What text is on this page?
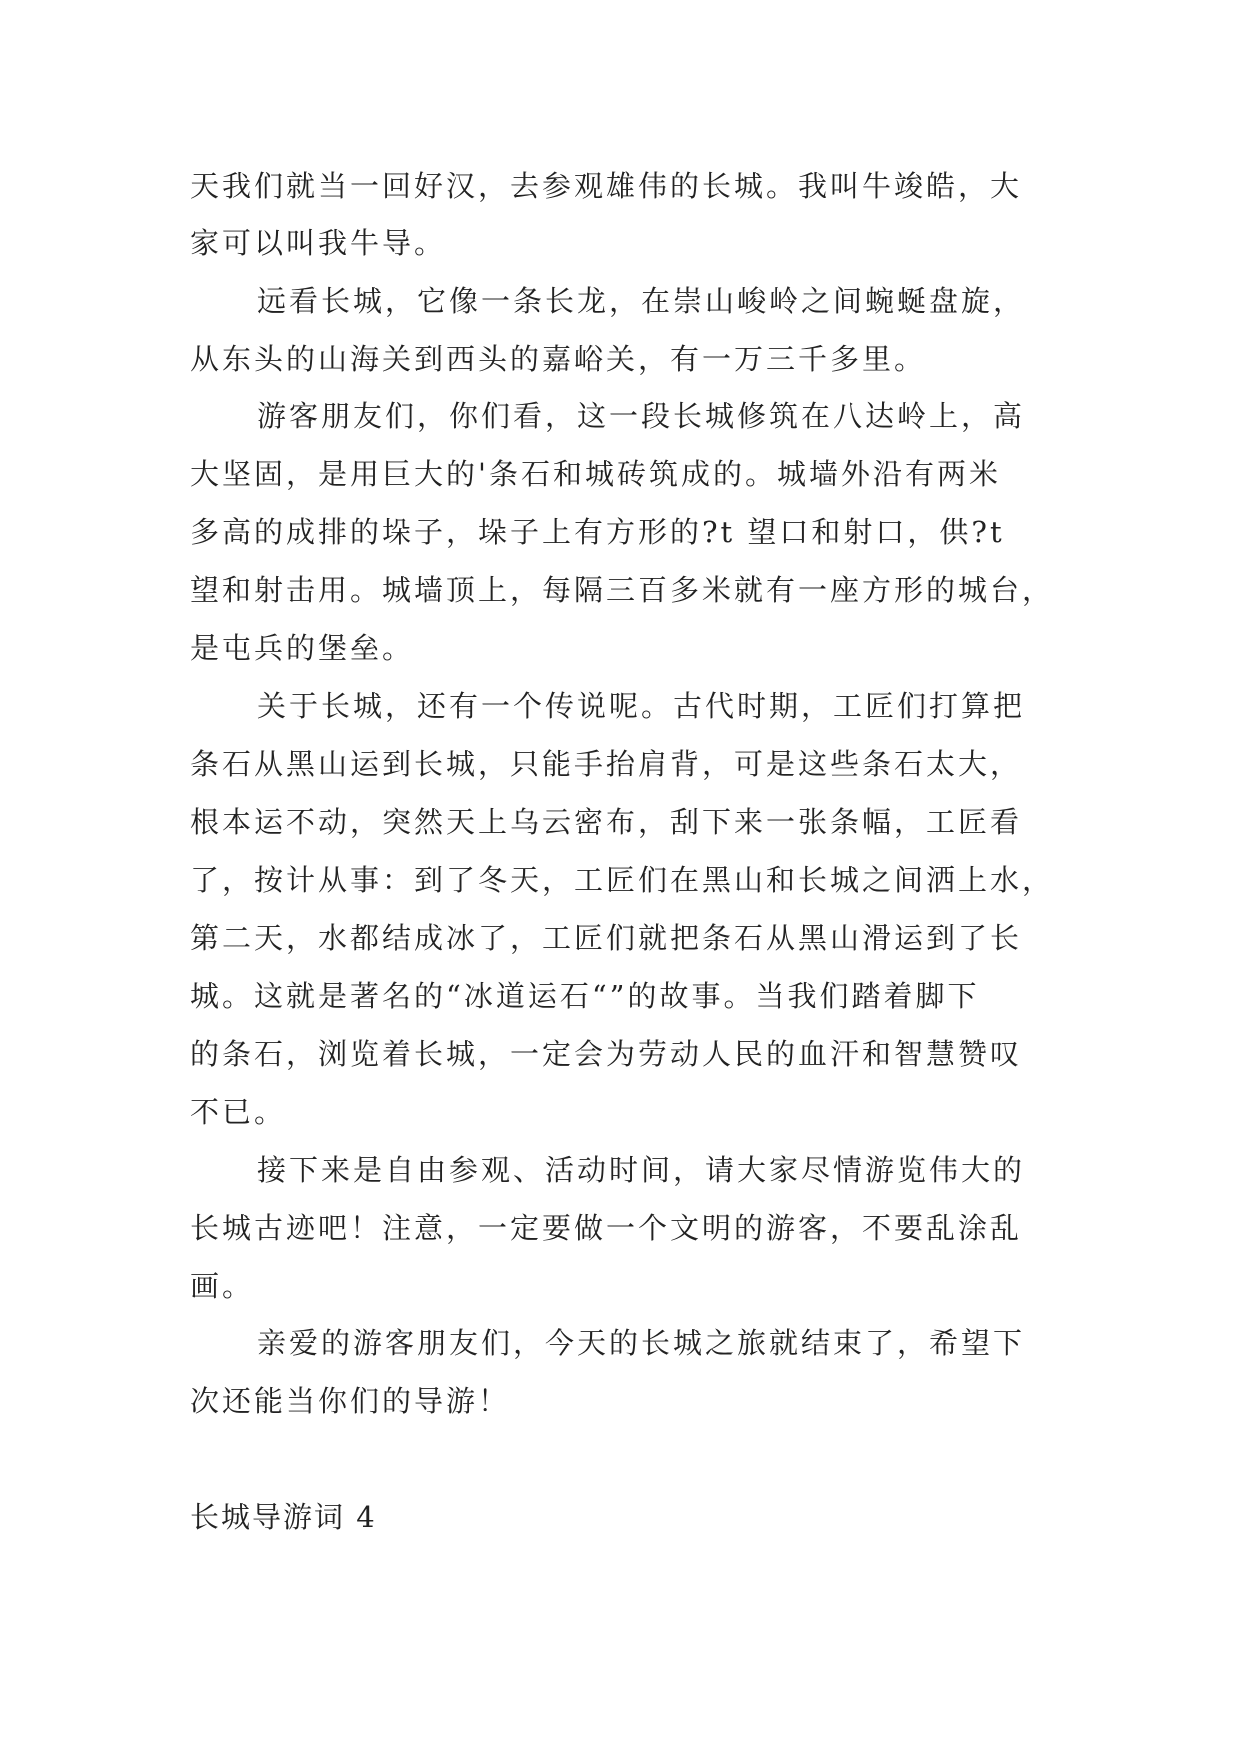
天我们就当一回好汉，去参观雄伟的长城。我叫牛竣皓，大
家可以叫我牛导。
远看长城，它像一条长龙，在崇山峻岭之间蜿蜒盘旋，
从东头的山海关到西头的嘉峪关，有一万三千多里。
游客朋友们，你们看，这一段长城修筑在八达岭上，高
大坚固，是用巨大的'条石和城砖筑成的。城墙外沿有两米
多高的成排的垛子，垛子上有方形的?t 望口和射口，供?t
望和射击用。城墙顶上，每隔三百多米就有一座方形的城台，
是屯兵的堡垒。
关于长城，还有一个传说呢。古代时期，工匠们打算把
条石从黑山运到长城，只能手抬肩背，可是这些条石太大，
根本运不动，突然天上乌云密布，刮下来一张条幅，工匠看
了，按计从事：到了冬天，工匠们在黑山和长城之间洒上水，
第二天，水都结成冰了，工匠们就把条石从黑山滑运到了长
城。这就是著名的“冰道运石“”的故事。当我们踏着脚下
的条石，浏览着长城，一定会为劳动人民的血汗和智慧赞叹
不已。
接下来是自由参观、活动时间，请大家尽情游览伟大的
长城古迹吧！注意，一定要做一个文明的游客，不要乱涂乱
画。
亲爱的游客朋友们，今天的长城之旅就结束了，希望下
次还能当你们的导游！
长城导游词 4
